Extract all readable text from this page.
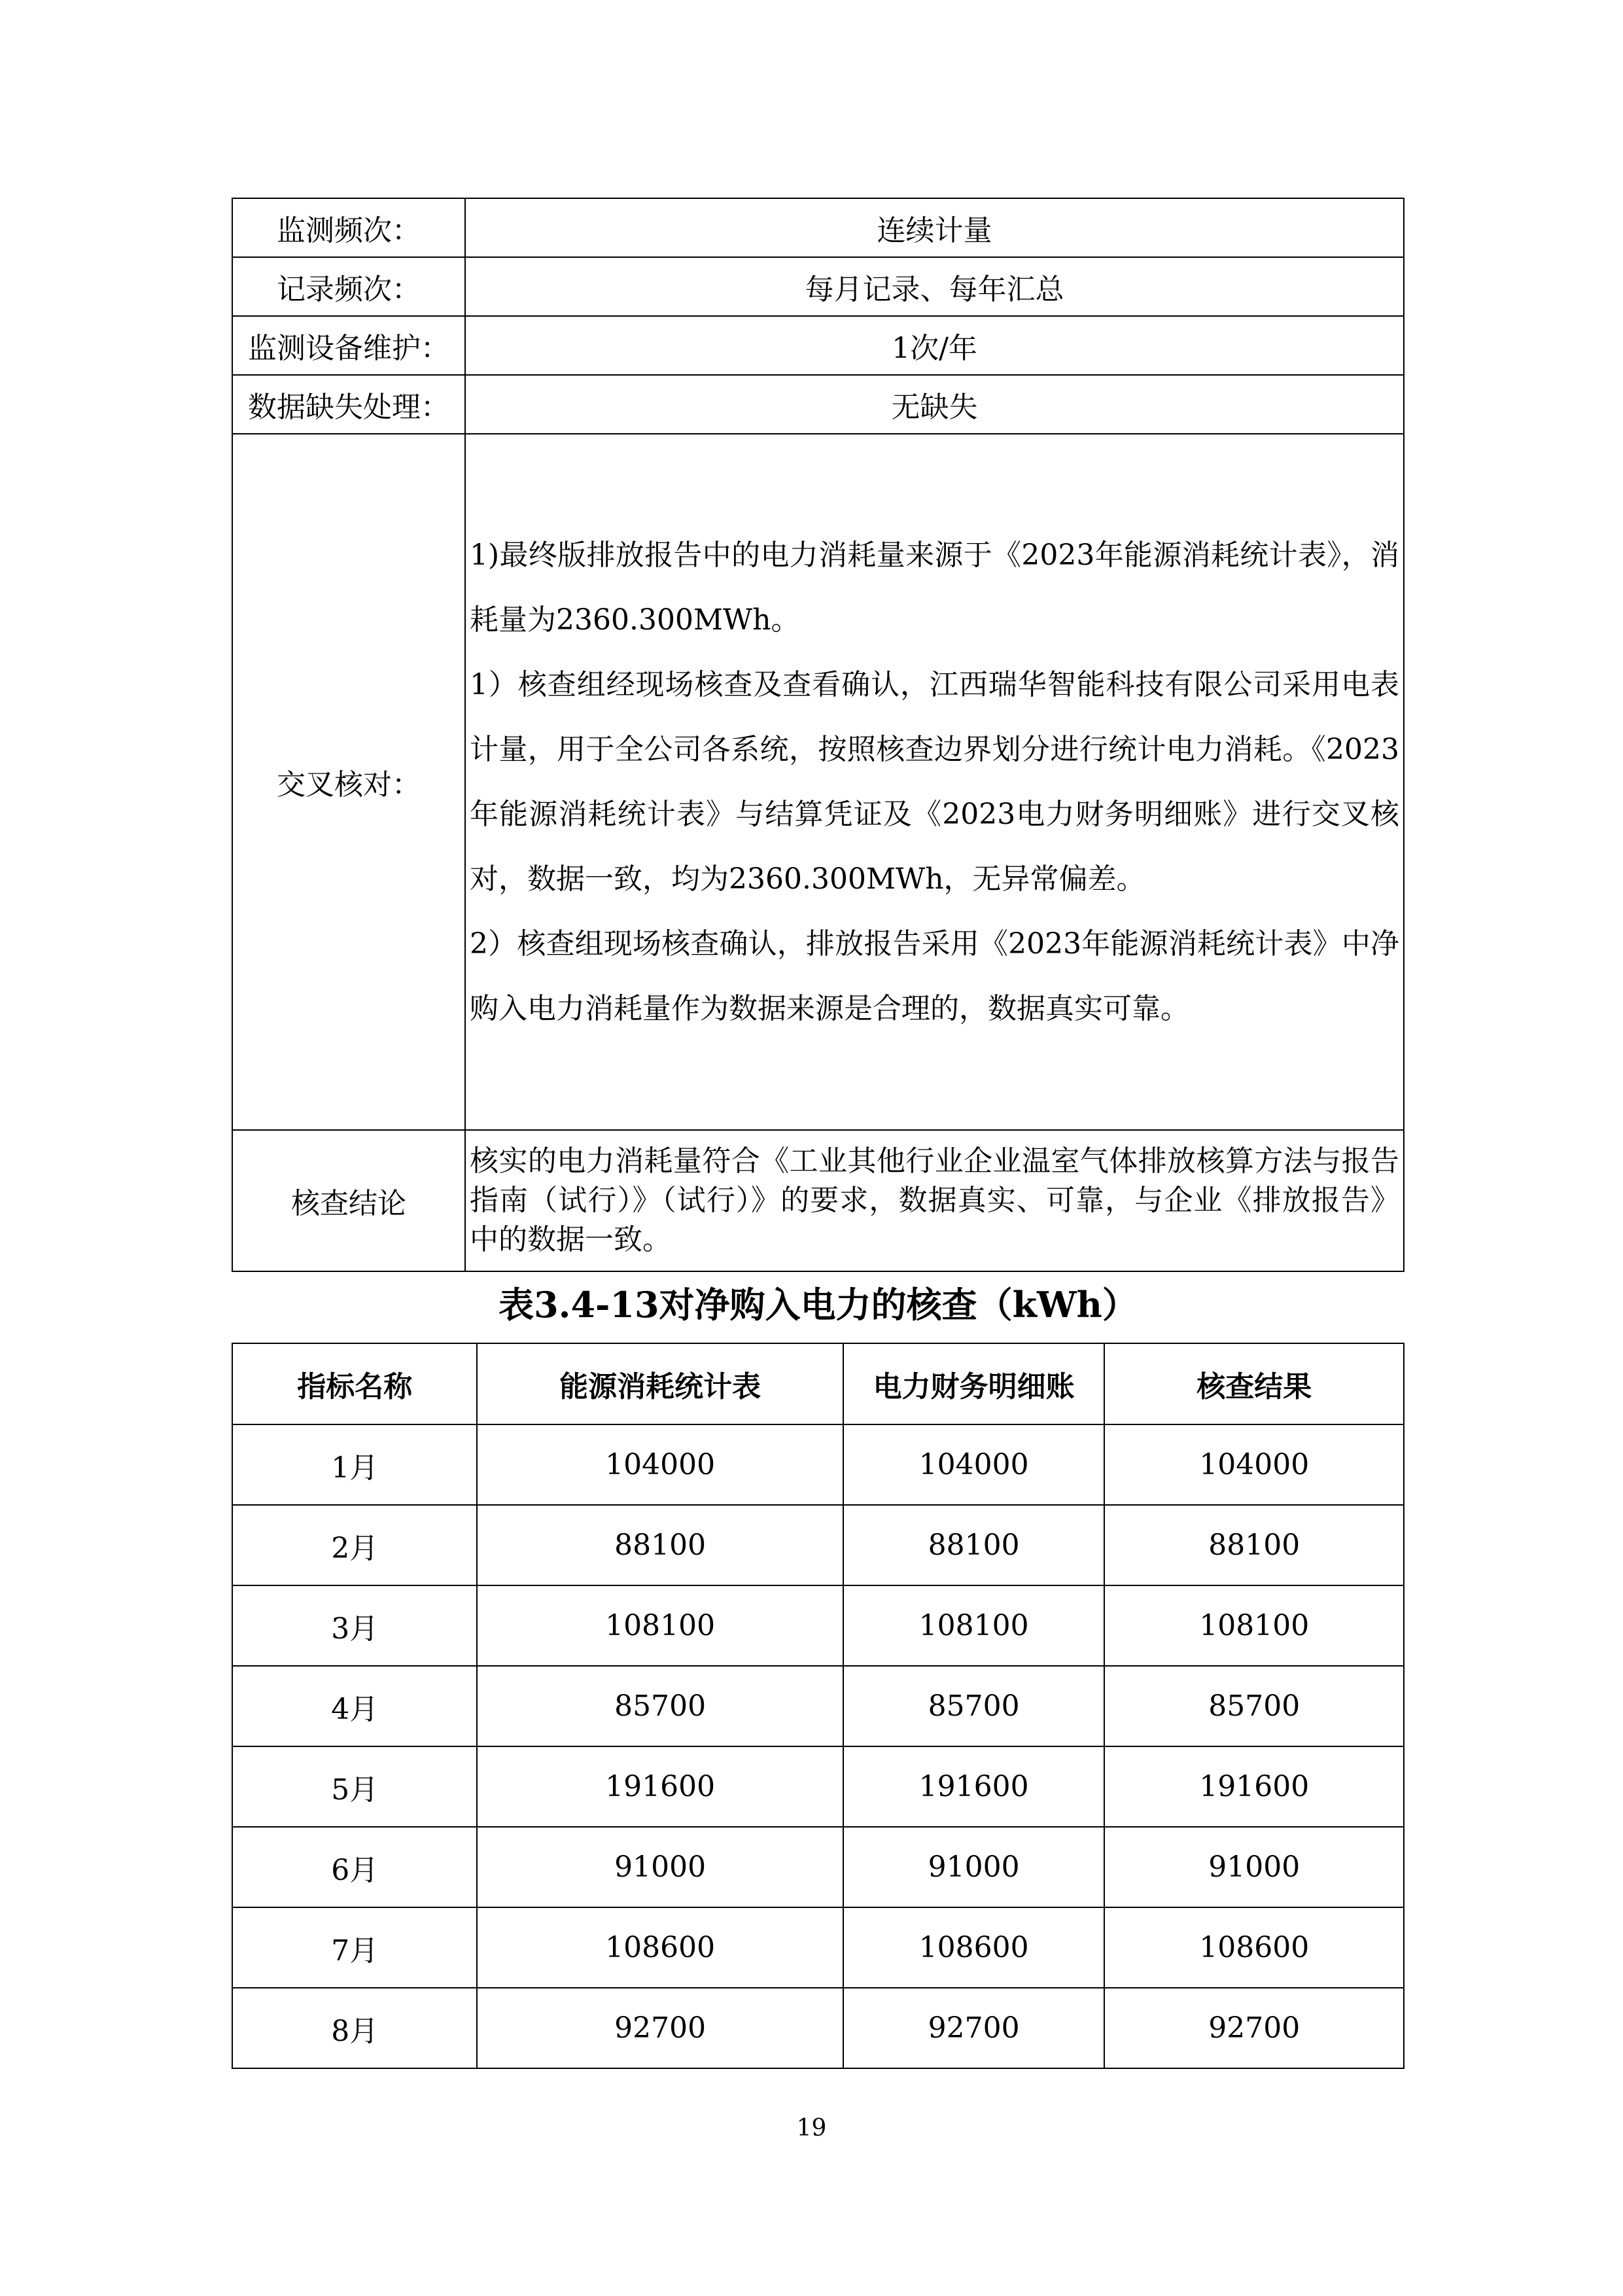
监测频次：	连续计量
记录频次：	每月记录、每年汇总
监测设备维护：	1次/年
数据缺失处理：	无缺失
交叉核对：	1)最终版排放报告中的电力消耗量来源于《2023年能源消耗统计表》，消耗量为2360.300MWh。

1）核查组经现场核查及查看确认，江西瑞华智能科技有限公司采用电表计量，用于全公司各系统，按照核查边界划分进行统计电力消耗。《2023年能源消耗统计表》与结算凭证及《2023电力财务明细账》进行交叉核对，数据一致，均为2360.300MWh，无异常偏差。

2）核查组现场核查确认，排放报告采用《2023年能源消耗统计表》中净购入电力消耗量作为数据来源是合理的，数据真实可靠。

核查结论	核实的电力消耗量符合《工业其他行业企业温室气体排放核算方法与报告指南（试行）》（试行）》的要求，数据真实、可靠，与企业《排放报告》中的数据一致。
表3.4-13对净购入电力的核查（kWh）
指标名称	能源消耗统计表	电力财务明细账	核查结果
1月	104000	104000	104000
2月	88100	88100	88100
3月	108100	108100	108100
4月	85700	85700	85700
5月	191600	191600	191600
6月	91000	91000	91000
7月	108600	108600	108600
8月	92700	92700	92700
19
